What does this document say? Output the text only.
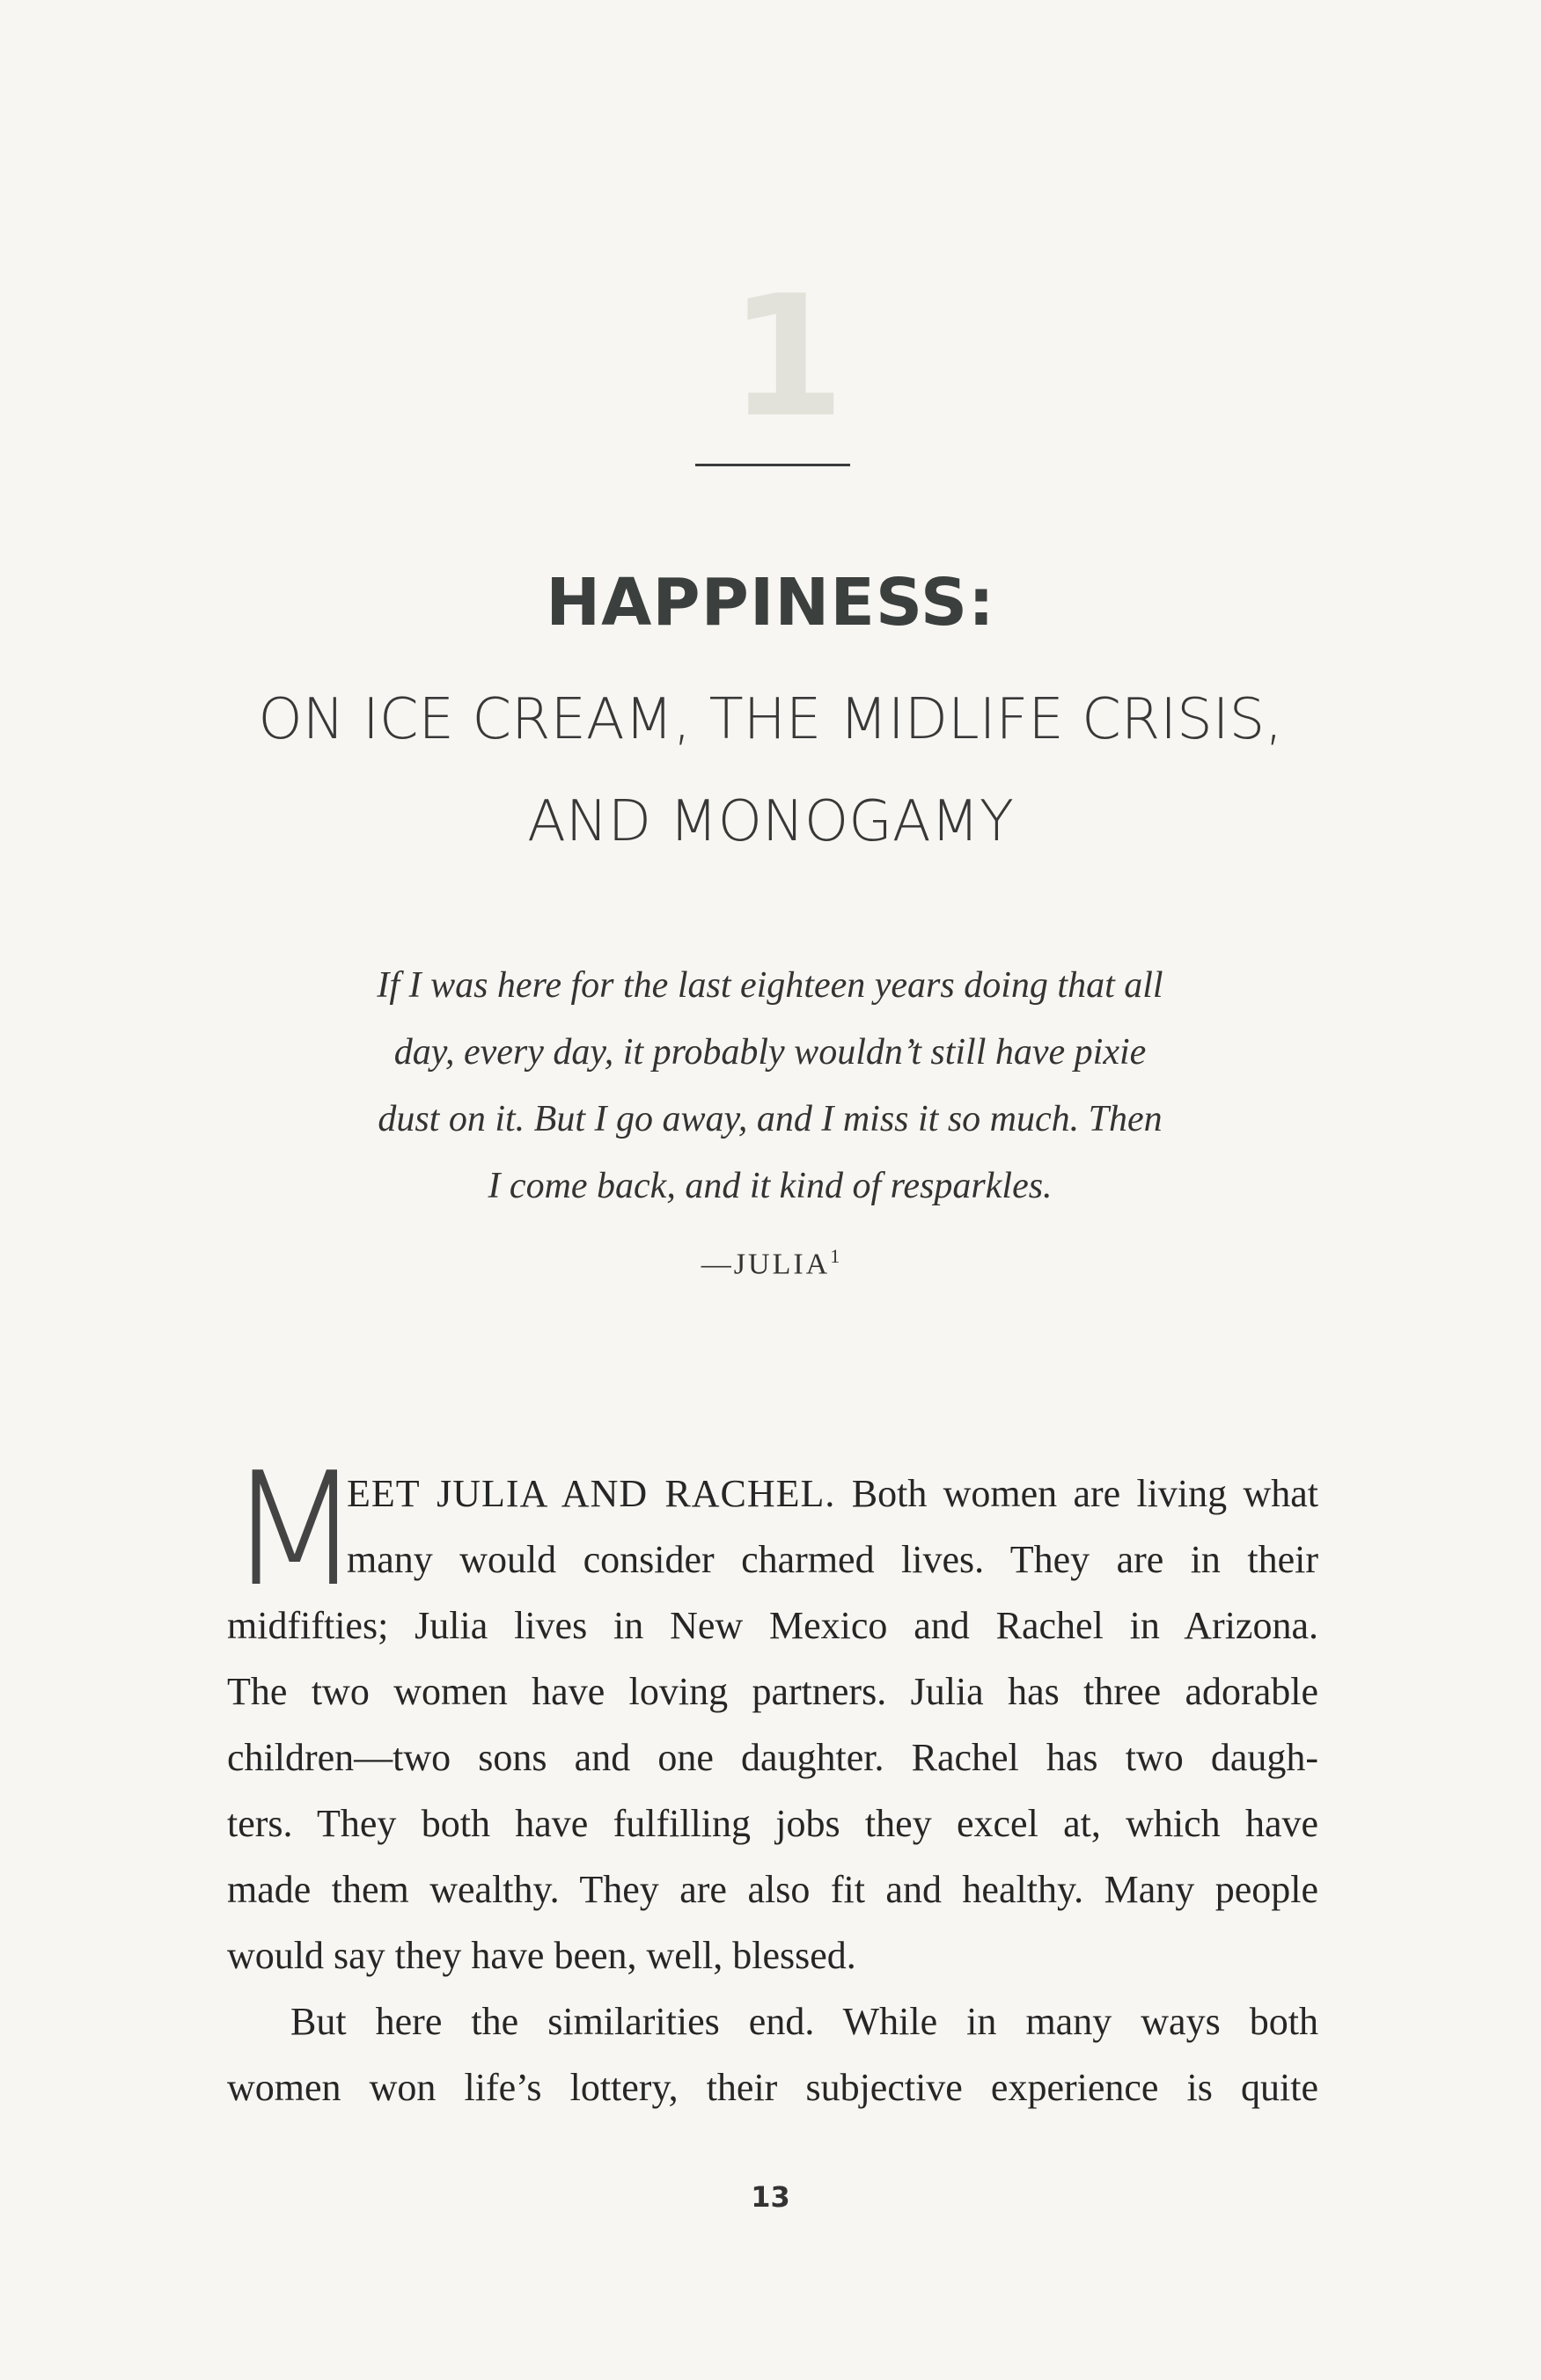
1
HAPPINESS:
ON ICE CREAM, THE MIDLIFE CRISIS,
AND MONOGAMY
If I was here for the last eighteen years doing that all
day, every day, it probably wouldn’t still have pixie
dust on it. But I go away, and I miss it so much. Then
I come back, and it kind of resparkles.
—JULIA$^1$
M
EET JULIA AND RACHEL. Both women are living what
many would consider charmed lives. They are in their
midfifties; Julia lives in New Mexico and Rachel in Arizona.
The two women have loving partners. Julia has three adorable
children—two sons and one daughter. Rachel has two daugh-
ters. They both have fulfilling jobs they excel at, which have
made them wealthy. They are also fit and healthy. Many people
would say they have been, well, blessed.
But here the similarities end. While in many ways both
women won life’s lottery, their subjective experience is quite
13
